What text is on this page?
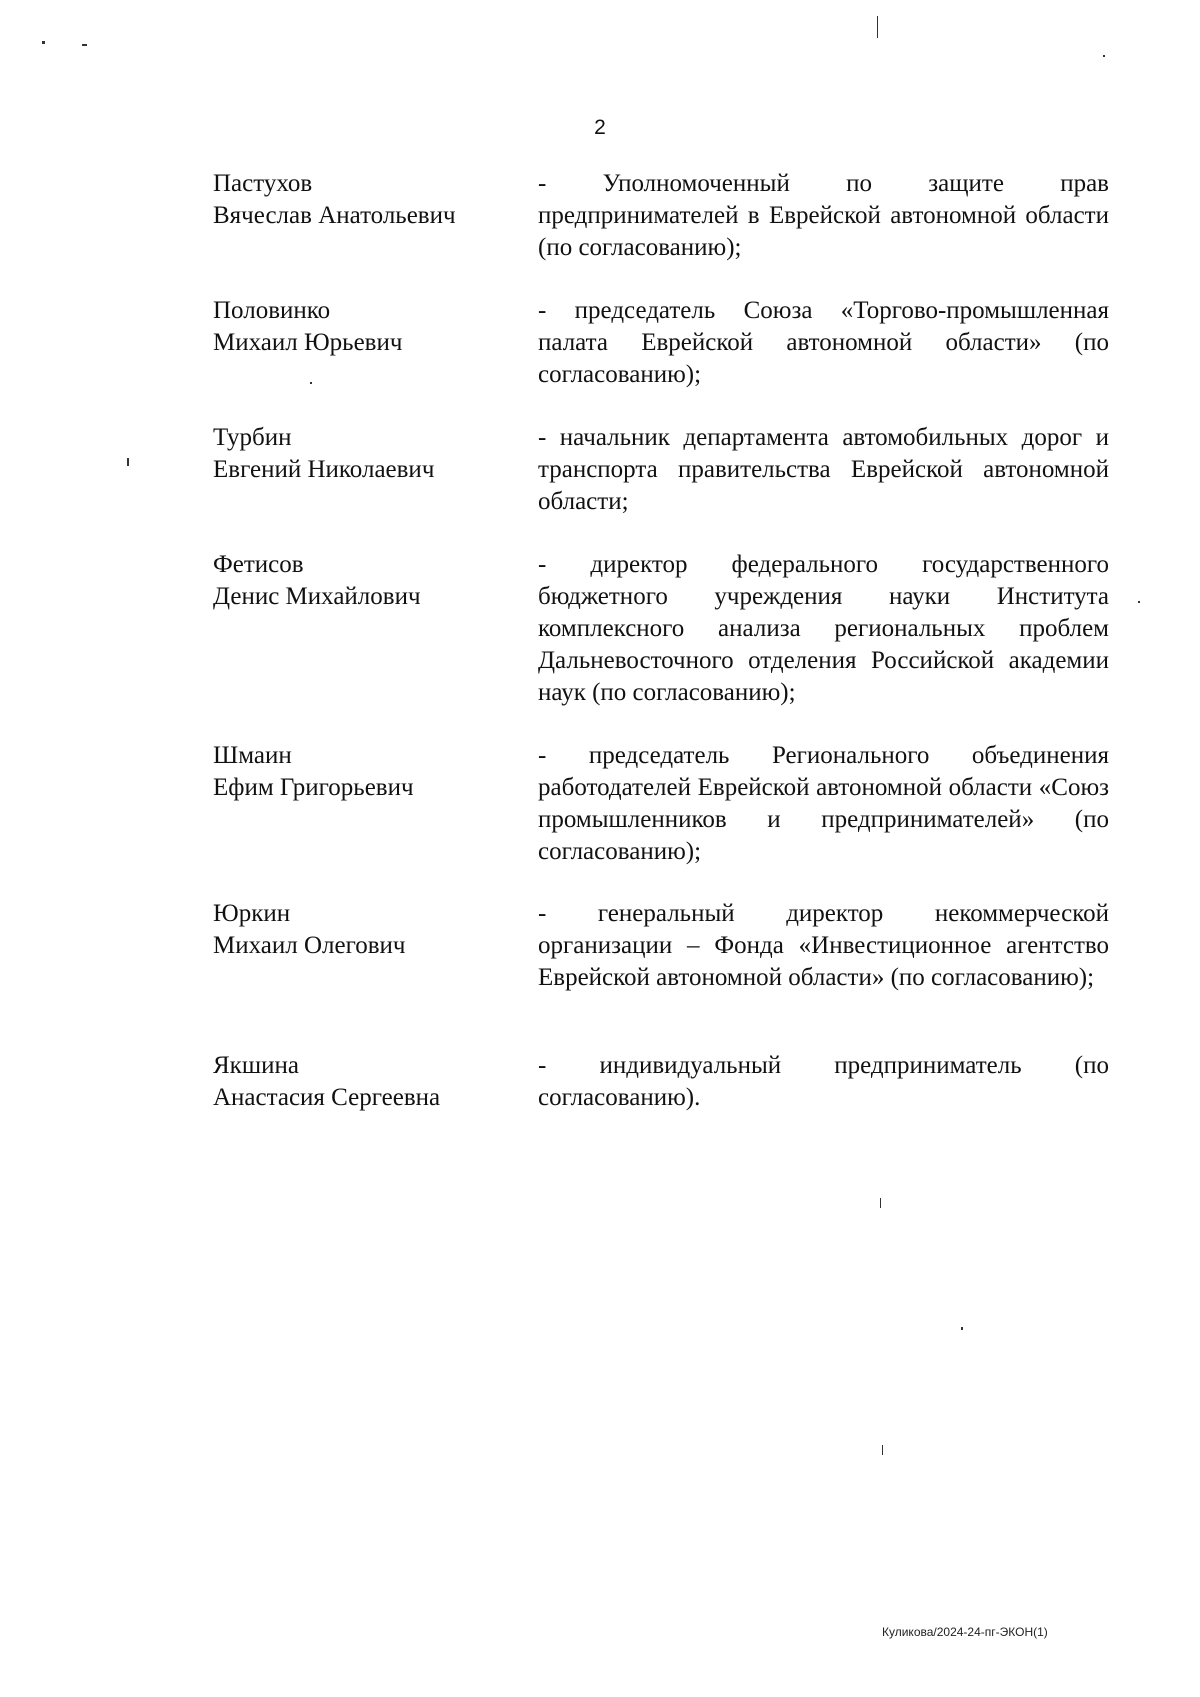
2
Пастухов
Вячеслав Анатольевич
- Уполномоченный по защите прав предпринимателей в Еврейской автономной области (по согласованию);
Половинко
Михаил Юрьевич
- председатель Союза «Торгово-промышленная палата Еврейской автономной области» (по согласованию);
Турбин
Евгений Николаевич
- начальник департамента автомобильных дорог и транспорта правительства Еврейской автономной области;
Фетисов
Денис Михайлович
- директор федерального государственного бюджетного учреждения науки Института комплексного анализа региональных проблем Дальневосточного отделения Российской академии наук (по согласованию);
Шмаин
Ефим Григорьевич
- председатель Регионального объединения работодателей Еврейской автономной области «Союз промышленников и предпринимателей» (по согласованию);
Юркин
Михаил Олегович
- генеральный директор некоммерческой организации – Фонда «Инвестиционное агентство Еврейской автономной области» (по согласованию);
Якшина
Анастасия Сергеевна
- индивидуальный предприниматель (по согласованию).
Куликова/2024-24-пг-ЭКОН(1)
